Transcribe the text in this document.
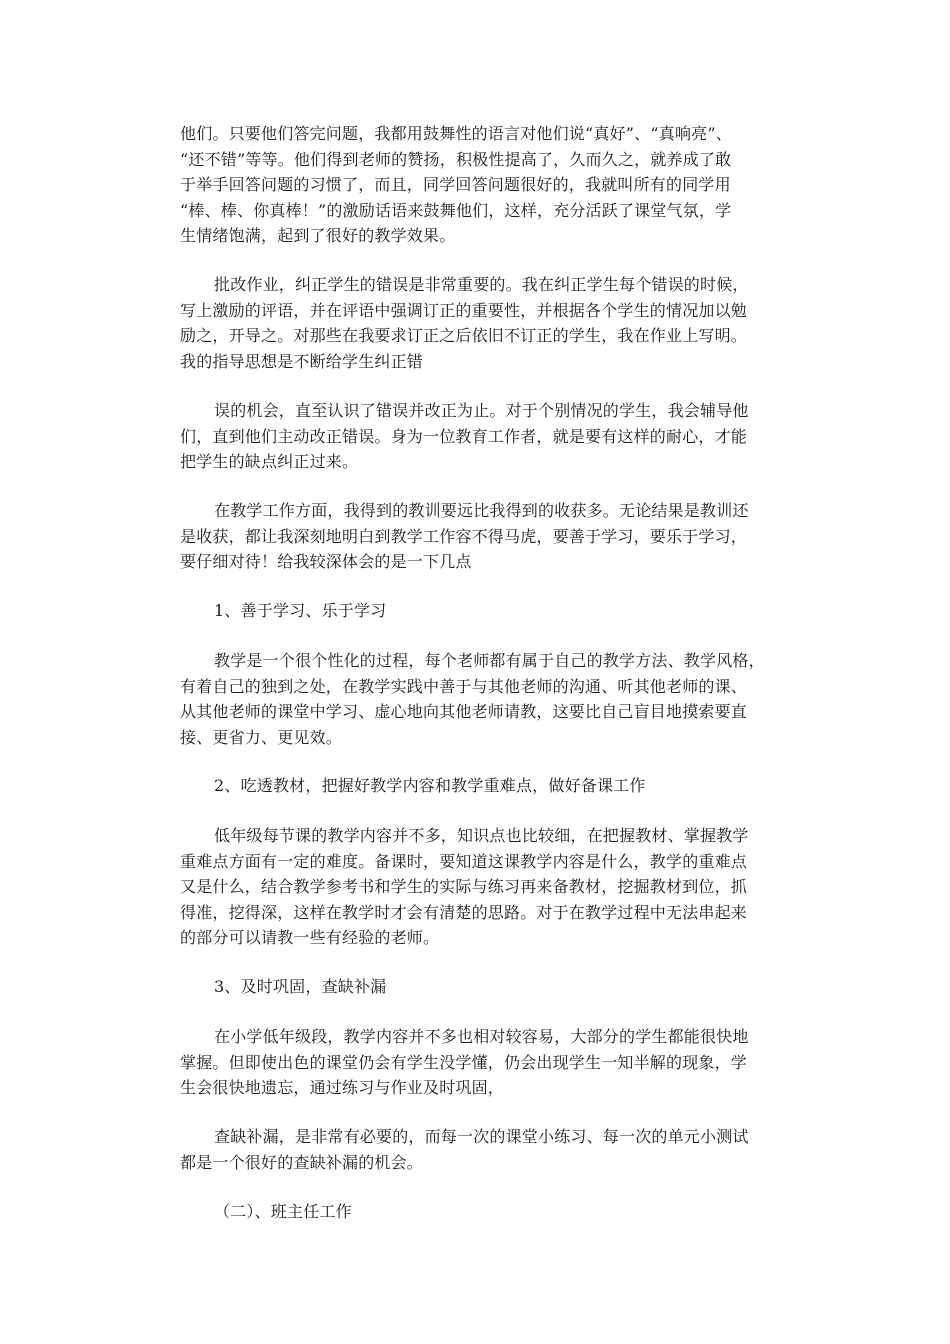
他们。只要他们答完问题，我都用鼓舞性的语言对他们说“真好”、“真响亮”、
“还不错”等等。他们得到老师的赞扬，积极性提高了，久而久之，就养成了敢
于举手回答问题的习惯了，而且，同学回答问题很好的，我就叫所有的同学用
“棒、棒、你真棒！”的激励话语来鼓舞他们，这样，充分活跃了课堂气氛，学
生情绪饱满，起到了很好的教学效果。
批改作业，纠正学生的错误是非常重要的。我在纠正学生每个错误的时候，
写上激励的评语，并在评语中强调订正的重要性，并根据各个学生的情况加以勉
励之，开导之。对那些在我要求订正之后依旧不订正的学生，我在作业上写明。
我的指导思想是不断给学生纠正错
误的机会，直至认识了错误并改正为止。对于个别情况的学生，我会辅导他
们，直到他们主动改正错误。身为一位教育工作者，就是要有这样的耐心，才能
把学生的缺点纠正过来。
在教学工作方面，我得到的教训要远比我得到的收获多。无论结果是教训还
是收获，都让我深刻地明白到教学工作容不得马虎，要善于学习，要乐于学习，
要仔细对待！给我较深体会的是一下几点
1、善于学习、乐于学习
教学是一个很个性化的过程，每个老师都有属于自己的教学方法、教学风格，
有着自己的独到之处，在教学实践中善于与其他老师的沟通、听其他老师的课、
从其他老师的课堂中学习、虚心地向其他老师请教，这要比自己盲目地摸索要直
接、更省力、更见效。
2、吃透教材，把握好教学内容和教学重难点，做好备课工作
低年级每节课的教学内容并不多，知识点也比较细，在把握教材、掌握教学
重难点方面有一定的难度。备课时，要知道这课教学内容是什么，教学的重难点
又是什么，结合教学参考书和学生的实际与练习再来备教材，挖掘教材到位，抓
得准，挖得深，这样在教学时才会有清楚的思路。对于在教学过程中无法串起来
的部分可以请教一些有经验的老师。
3、及时巩固，查缺补漏
在小学低年级段，教学内容并不多也相对较容易，大部分的学生都能很快地
掌握。但即使出色的课堂仍会有学生没学懂，仍会出现学生一知半解的现象，学
生会很快地遗忘，通过练习与作业及时巩固，
查缺补漏，是非常有必要的，而每一次的课堂小练习、每一次的单元小测试
都是一个很好的查缺补漏的机会。
（二）、班主任工作
